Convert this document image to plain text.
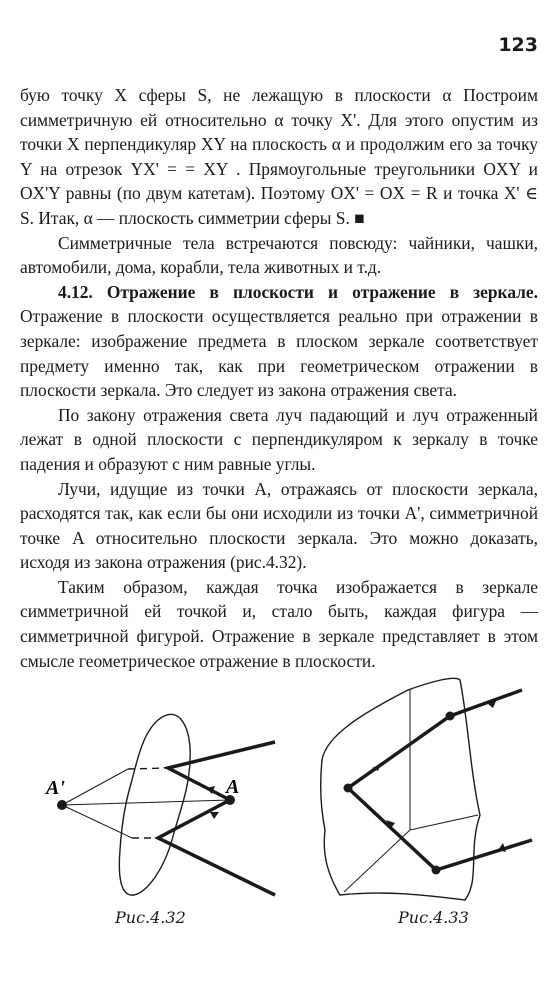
123

бую точку X сферы S, не лежащую в плоскости α Построим симметричную ей относительно α точку X'. Для этого опустим из точки X перпендикуляр XY на плоскость α и продолжим его за точку Y на отрезок YX' = = XY . Прямоугольные треугольники OXY и OX'Y равны (по двум катетам). Поэтому OX' = OX = R и точка X' ∈ S. Итак, α — плоскость симметрии сферы S. ■

Симметричные тела встречаются повсюду: чайники, чашки, автомобили, дома, корабли, тела животных и т.д.

4.12. Отражение в плоскости и отражение в зеркале. Отражение в плоскости осуществляется реально при отражении в зеркале: изображение предмета в плоском зеркале соответствует предмету именно так, как при геометрическом отражении в плоскости зеркала. Это следует из закона отражения света.

По закону отражения света луч падающий и луч отраженный лежат в одной плоскости с перпендикуляром к зеркалу в точке падения и образуют с ним равные углы.

Лучи, идущие из точки A, отражаясь от плоскости зеркала, расходятся так, как если бы они исходили из точки A', симметричной точке A относительно плоскости зеркала. Это можно доказать, исходя из закона отражения (рис.4.32).

Таким образом, каждая точка изображается в зеркале симметричной ей точкой и, стало быть, каждая фигура — симметричной фигурой. Отражение в зеркале представляет в этом смысле геометрическое отражение в плоскости.

A'	A
Рис.4.32	Рис.4.33
